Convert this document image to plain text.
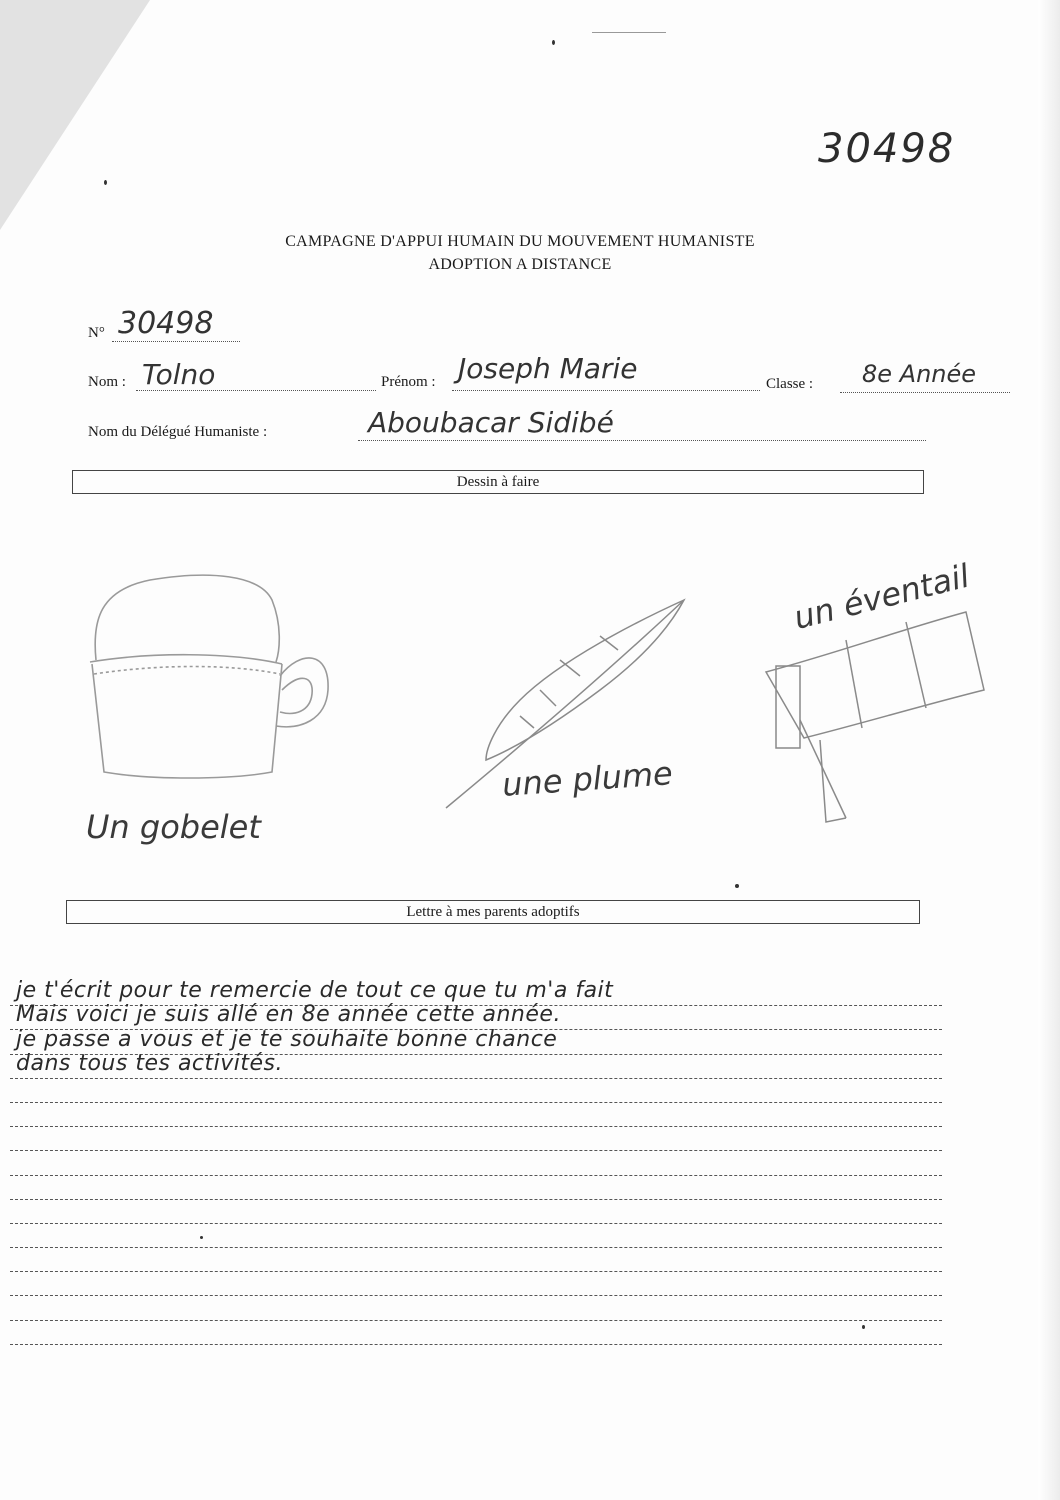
30498
CAMPAGNE D'APPUI HUMAIN DU MOUVEMENT HUMANISTE
ADOPTION A DISTANCE
N° 30498
Nom : Tolno	Prénom : Joseph Marie	Classe : 8e Année
Nom du Délégué Humaniste :	Aboubacar Sidibé
Dessin à faire
Un gobelet
une plume
un éventail
Lettre à mes parents adoptifs
je t'écrit pour te remercie de tout ce que tu m'a fait
Mais voici je suis allé en 8e année cette année.
je passe a vous et je te souhaite bonne chance
dans tous tes activités.
